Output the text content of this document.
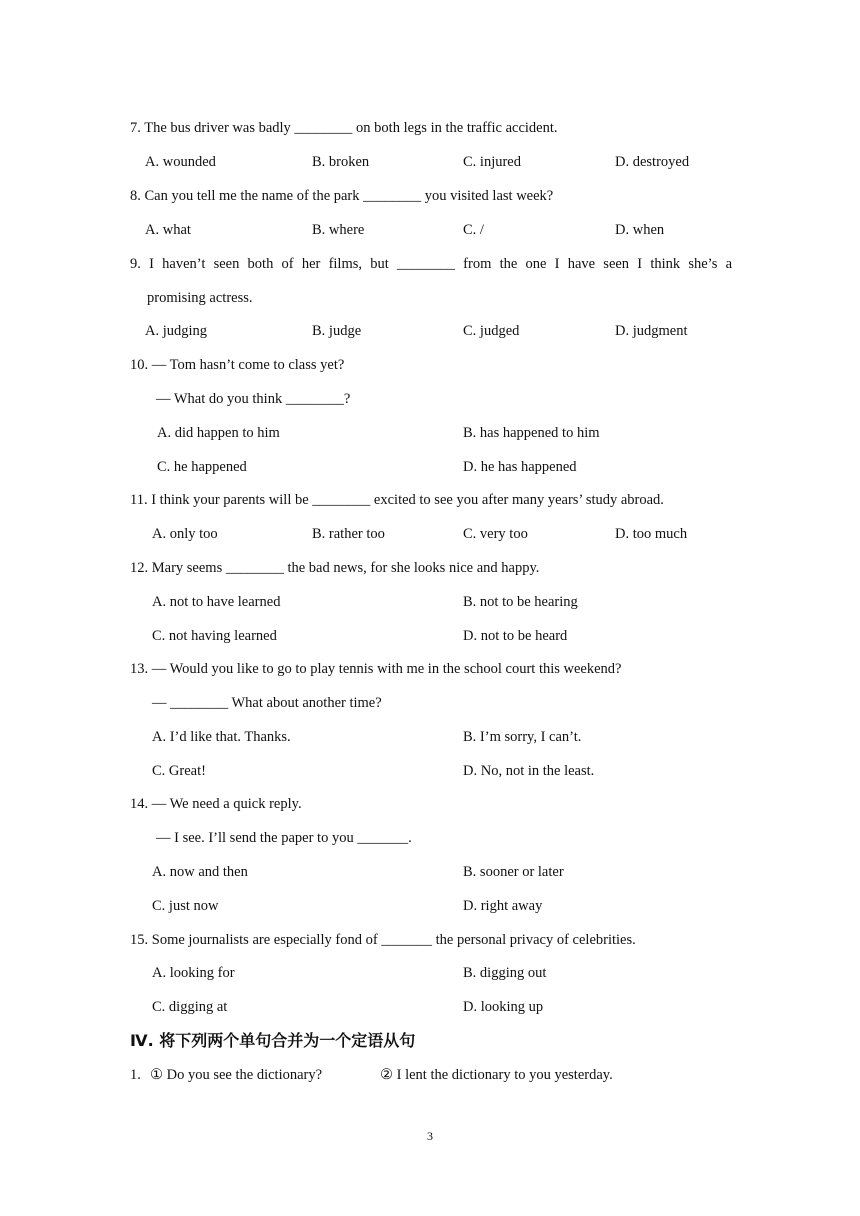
7. The bus driver was badly ________ on both legs in the traffic accident.
A. wounded	B. broken	C. injured	D. destroyed
8. Can you tell me the name of the park ________ you visited last week?
A. what	B. where	C. /	D. when
9. I haven’t seen both of her films, but ________ from the one I have seen I think she’s a
promising actress.
A. judging	B. judge	C. judged	D. judgment
10. — Tom hasn’t come to class yet?
— What do you think ________?
A. did happen to him	B. has happened to him
C. he happened	D. he has happened
11. I think your parents will be ________ excited to see you after many years’ study abroad.
A. only too	B. rather too	C. very too	D. too much
12. Mary seems ________ the bad news, for she looks nice and happy.
A. not to have learned	B. not to be hearing
C. not having learned	D. not to be heard
13. — Would you like to go to play tennis with me in the school court this weekend?
— ________ What about another time?
A. I’d like that. Thanks.	B. I’m sorry, I can’t.
C. Great!	D. No, not in the least.
14. — We need a quick reply.
— I see. I’ll send the paper to you _______.
A. now and then	B. sooner or later
C. just now	D. right away
15. Some journalists are especially fond of _______ the personal privacy of celebrities.
A. looking for	B. digging out
C. digging at	D. looking up
Ⅳ. 将下列两个单句合并为一个定语从句
1. ① Do you see the dictionary?	② I lent the dictionary to you yesterday.
3
